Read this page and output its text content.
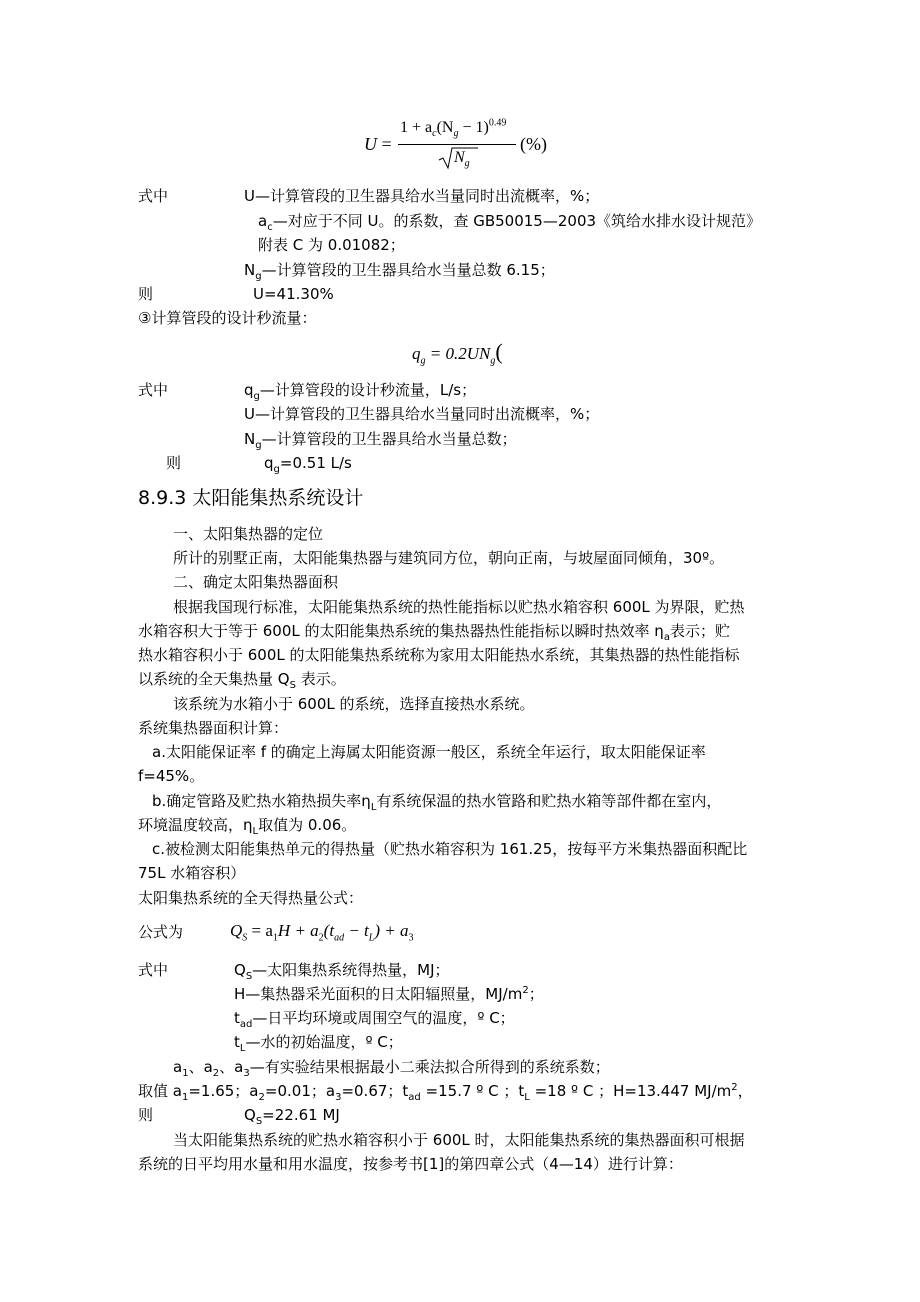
U =
$1 + a_c(N_g - 1)^{0.49}$
$N_g$
(%)
式中	U—计算管段的卫生器具给水当量同时出流概率，%；
$a_c—$对应于不同 U。的系数，查 GB50015—2003《筑给水排水设计规范》
附表 C 为 0.01082；
$N_g—$计算管段的卫生器具给水当量总数 6.15；
则	U=41.30%
③计算管段的设计秒流量：
$q_g = 0.2UN_g$(
式中	$q_g—$计算管段的设计秒流量，L/s；
U—计算管段的卫生器具给水当量同时出流概率，%；
$N_g—$计算管段的卫生器具给水当量总数；
则	$q_g=0.51$ L/s
8.9.3 太阳能集热系统设计
一、太阳集热器的定位
所计的别墅正南，太阳能集热器与建筑同方位，朝向正南，与坡屋面同倾角，30º。
二、确定太阳集热器面积
根据我国现行标准，太阳能集热系统的热性能指标以贮热水箱容积 600L 为界限，贮热
水箱容积大于等于 600L 的太阳能集热系统的集热器热性能指标以瞬时热效率 $\eta_a$表示；贮
热水箱容积小于 600L 的太阳能集热系统称为家用太阳能热水系统，其集热器的热性能指标
以系统的全天集热量 $Q_S$ 表示。
该系统为水箱小于 600L 的系统，选择直接热水系统。
系统集热器面积计算：
a.太阳能保证率 f 的确定上海属太阳能资源一般区，系统全年运行，取太阳能保证率
f=45%。
b.确定管路及贮热水箱热损失率$\eta_L$有系统保温的热水管路和贮热水箱等部件都在室内，
环境温度较高，$\eta_L$取值为 0.06。
c.被检测太阳能集热单元的得热量（贮热水箱容积为 161.25，按每平方米集热器面积配比
75L 水箱容积）
太阳集热系统的全天得热量公式：
公式为	$Q_S = a_1H + a_2(t_{ad} - t_L) + a_3$
式中	$Q_S—$太阳集热系统得热量，MJ；
H—集热器采光面积的日太阳辐照量，$MJ/m^2$；
$t_{ad}—$日平均环境或周围空气的温度，º C；
$t_L—$水的初始温度，º C；
$a_1$、$a_2$、$a_3—$有实验结果根据最小二乘法拟合所得到的系统系数；
取值 $a_1=1.65$；$a_2=0.01$；$a_3=0.67$；$t_{ad} =15.7$ º C ；$t_L =18$ º C ；H=13.447 $MJ/m^2$，
则	$Q_S=22.61$ MJ
当太阳能集热系统的贮热水箱容积小于 600L 时，太阳能集热系统的集热器面积可根据
系统的日平均用水量和用水温度，按参考书[1]的第四章公式（4—14）进行计算：
